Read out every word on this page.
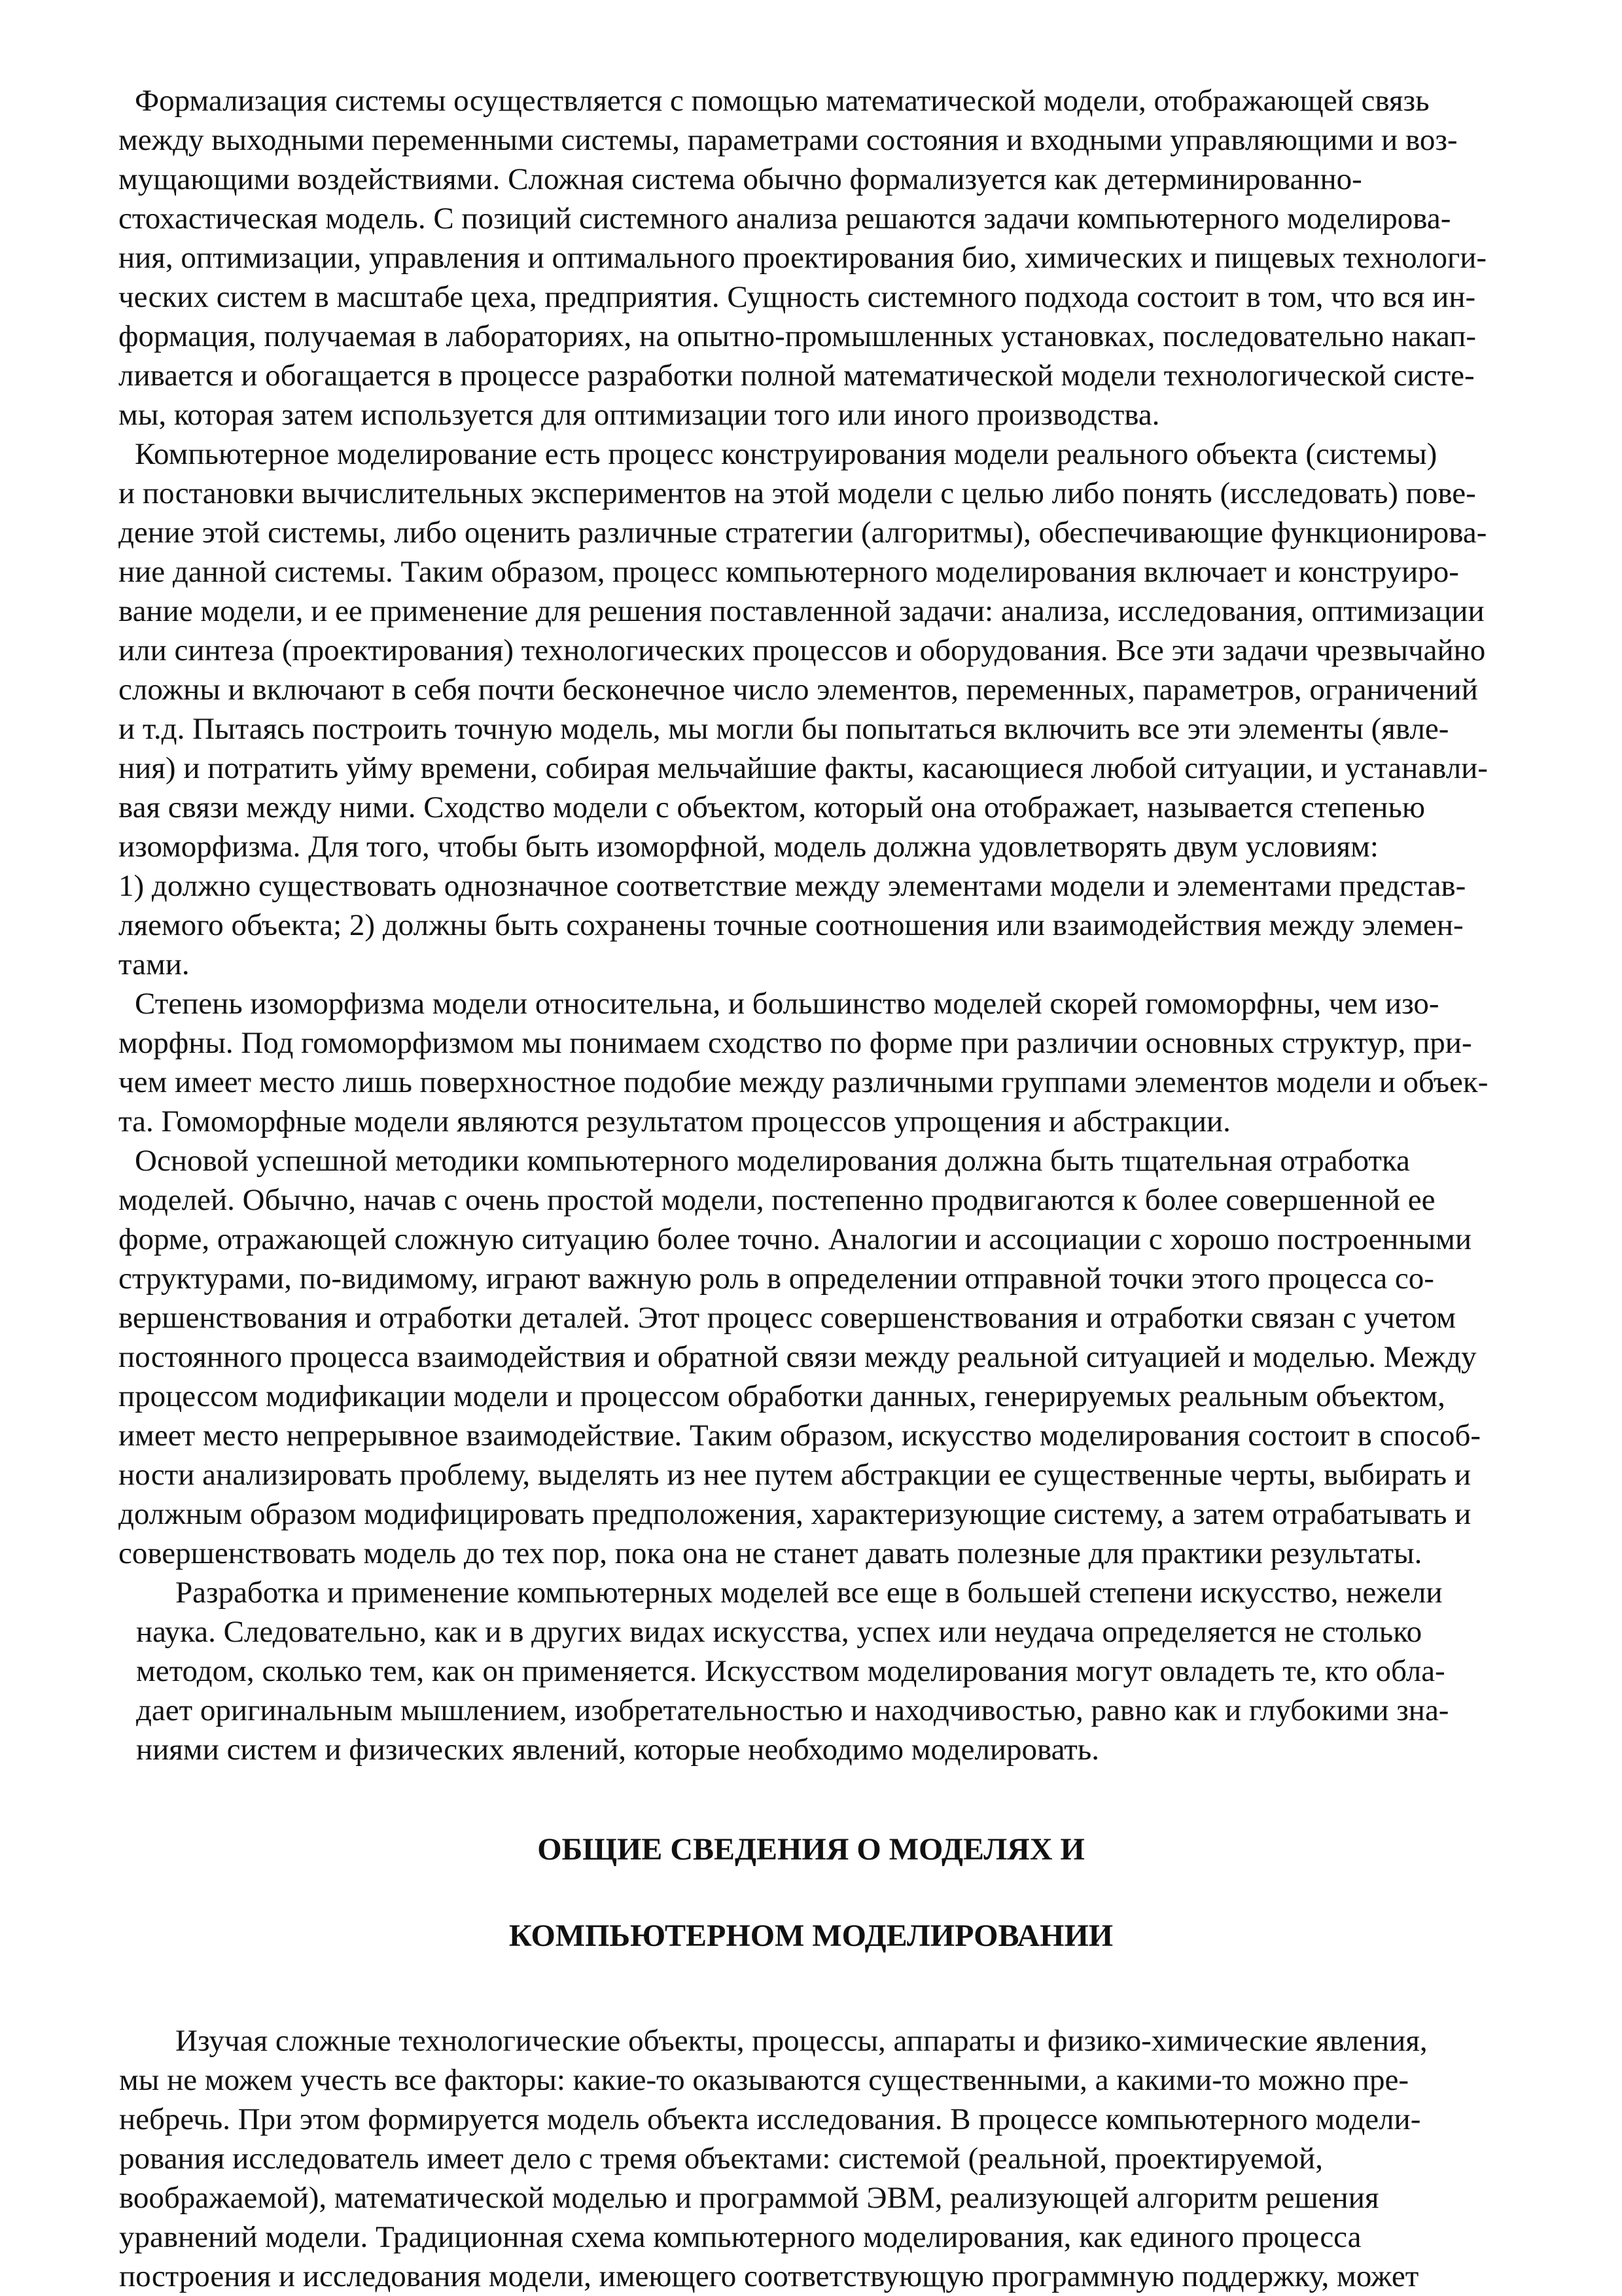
Формализация системы осуществляется с помощью математической модели, отображающей связь

между выходными переменными системы, параметрами состояния и входными управляющими и воз-

мущающими воздействиями. Сложная система обычно формализуется как детерминированно-

стохастическая модель. С позиций системного анализа решаются задачи компьютерного моделирова-

ния, оптимизации, управления и оптимального проектирования био, химических и пищевых технологи-

ческих систем в масштабе цеха, предприятия. Сущность системного подхода состоит в том, что вся ин-

формация, получаемая в лабораториях, на опытно-промышленных установках, последовательно накап-

ливается и обогащается в процессе разработки полной математической модели технологической систе-

мы, которая затем используется для оптимизации того или иного производства.

Компьютерное моделирование есть процесс конструирования модели реального объекта (системы)

и постановки вычислительных экспериментов на этой модели с целью либо понять (исследовать) пове-

дение этой системы, либо оценить различные стратегии (алгоритмы), обеспечивающие функционирова-

ние данной системы. Таким образом, процесс компьютерного моделирования включает и конструиро-

вание модели, и ее применение для решения поставленной задачи: анализа, исследования, оптимизации

или синтеза (проектирования) технологических процессов и оборудования. Все эти задачи чрезвычайно

сложны и включают в себя почти бесконечное число элементов, переменных, параметров, ограничений

и т.д. Пытаясь построить точную модель, мы могли бы попытаться включить все эти элементы (явле-

ния) и потратить уйму времени, собирая мельчайшие факты, касающиеся любой ситуации, и устанавли-

вая связи между ними. Сходство модели с объектом, который она отображает, называется степенью

изоморфизма. Для того, чтобы быть изоморфной, модель должна удовлетворять двум условиям:

1) должно существовать однозначное соответствие между элементами модели и элементами представ-

ляемого объекта; 2) должны быть сохранены точные соотношения или взаимодействия между элемен-

тами.

Степень изоморфизма модели относительна, и большинство моделей скорей гомоморфны, чем изо-

морфны. Под гомоморфизмом мы понимаем сходство по форме при различии основных структур, при-

чем имеет место лишь поверхностное подобие между различными группами элементов модели и объек-

та. Гомоморфные модели являются результатом процессов упрощения и абстракции.

Основой успешной методики компьютерного моделирования должна быть тщательная отработка

моделей. Обычно, начав с очень простой модели, постепенно продвигаются к более совершенной ее

форме, отражающей сложную ситуацию более точно. Аналогии и ассоциации с хорошо построенными

структурами, по-видимому, играют важную роль в определении отправной точки этого процесса со-

вершенствования и отработки деталей. Этот процесс совершенствования и отработки связан с учетом

постоянного процесса взаимодействия и обратной связи между реальной ситуацией и моделью. Между

процессом модификации модели и процессом обработки данных, генерируемых реальным объектом,

имеет место непрерывное взаимодействие. Таким образом, искусство моделирования состоит в способ-

ности анализировать проблему, выделять из нее путем абстракции ее существенные черты, выбирать и

должным образом модифицировать предположения, характеризующие систему, а затем отрабатывать и

совершенствовать модель до тех пор, пока она не станет давать полезные для практики результаты.

Разработка и применение компьютерных моделей все еще в большей степени искусство, нежели

наука. Следовательно, как и в других видах искусства, успех или неудача определяется не столько

методом, сколько тем, как он применяется. Искусством моделирования могут овладеть те, кто обла-

дает оригинальным мышлением, изобретательностью и находчивостью, равно как и глубокими зна-

ниями систем и физических явлений, которые необходимо моделировать.

ОБЩИЕ СВЕДЕНИЯ О МОДЕЛЯХ И
КОМПЬЮТЕРНОМ МОДЕЛИРОВАНИИ

Изучая сложные технологические объекты, процессы, аппараты и физико-химические явления,

мы не можем учесть все факторы: какие-то оказываются существенными, а какими-то можно пре-

небречь. При этом формируется модель объекта исследования. В процессе компьютерного модели-

рования исследователь имеет дело с тремя объектами: системой (реальной, проектируемой,

воображаемой), математической моделью и программой ЭВМ, реализующей алгоритм решения

уравнений модели. Традиционная схема компьютерного моделирования, как единого процесса

построения и исследования модели, имеющего соответствующую программную поддержку, может
